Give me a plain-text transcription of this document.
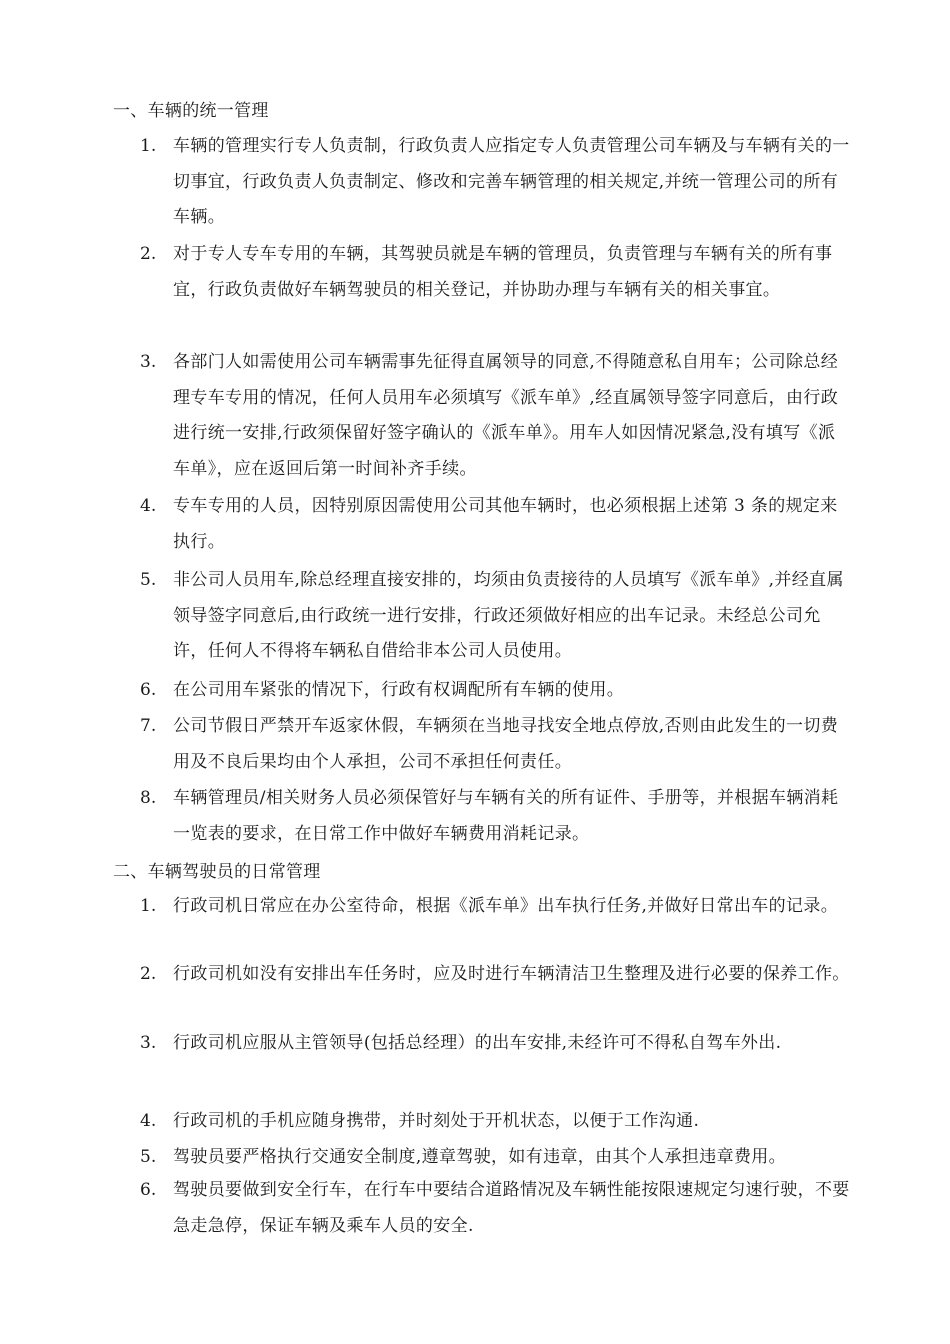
一、车辆的统一管理
1. 车辆的管理实行专人负责制，行政负责人应指定专人负责管理公司车辆及与车辆有关的一切事宜，行政负责人负责制定、修改和完善车辆管理的相关规定,并统一管理公司的所有车辆。
2. 对于专人专车专用的车辆，其驾驶员就是车辆的管理员，负责管理与车辆有关的所有事宜，行政负责做好车辆驾驶员的相关登记，并协助办理与车辆有关的相关事宜。
3. 各部门人如需使用公司车辆需事先征得直属领导的同意,不得随意私自用车；公司除总经理专车专用的情况，任何人员用车必须填写《派车单》,经直属领导签字同意后，由行政进行统一安排,行政须保留好签字确认的《派车单》。用车人如因情况紧急,没有填写《派车单》，应在返回后第一时间补齐手续。
4. 专车专用的人员，因特别原因需使用公司其他车辆时，也必须根据上述第 3 条的规定来执行。
5. 非公司人员用车,除总经理直接安排的，均须由负责接待的人员填写《派车单》,并经直属领导签字同意后,由行政统一进行安排，行政还须做好相应的出车记录。未经总公司允许，任何人不得将车辆私自借给非本公司人员使用。
6. 在公司用车紧张的情况下，行政有权调配所有车辆的使用。
7. 公司节假日严禁开车返家休假，车辆须在当地寻找安全地点停放,否则由此发生的一切费用及不良后果均由个人承担，公司不承担任何责任。
8. 车辆管理员/相关财务人员必须保管好与车辆有关的所有证件、手册等，并根据车辆消耗一览表的要求，在日常工作中做好车辆费用消耗记录。
二、车辆驾驶员的日常管理
1. 行政司机日常应在办公室待命，根据《派车单》出车执行任务,并做好日常出车的记录。
2. 行政司机如没有安排出车任务时，应及时进行车辆清洁卫生整理及进行必要的保养工作。
3. 行政司机应服从主管领导(包括总经理）的出车安排,未经许可不得私自驾车外出.
4. 行政司机的手机应随身携带，并时刻处于开机状态，以便于工作沟通.
5. 驾驶员要严格执行交通安全制度,遵章驾驶，如有违章，由其个人承担违章费用。
6. 驾驶员要做到安全行车，在行车中要结合道路情况及车辆性能按限速规定匀速行驶，不要急走急停，保证车辆及乘车人员的安全.
